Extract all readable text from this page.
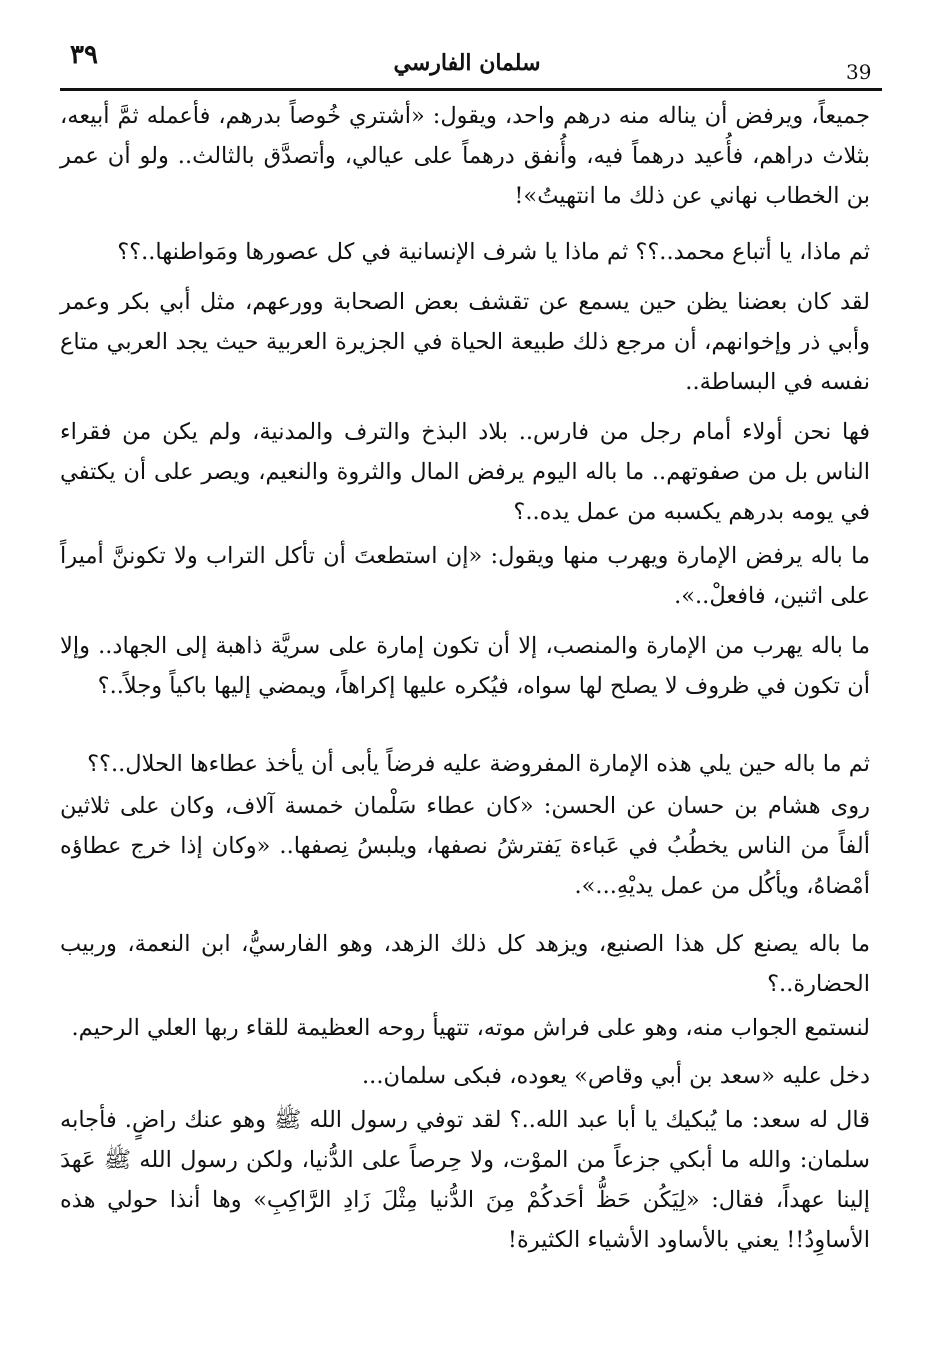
٣٩	سلمان الفارسي	39

جميعاً، ويرفض أن يناله منه درهم واحد، ويقول: «أشتري خُوصاً بدرهم، فأعمله ثمَّ أبيعه، بثلاث دراهم، فأُعيد درهماً فيه، وأُنفق درهماً على عيالي، وأتصدَّق بالثالث.. ولو أن عمر بن الخطاب نهاني عن ذلك ما انتهيتُ»!

ثم ماذا، يا أتباع محمد..؟؟ ثم ماذا يا شرف الإنسانية في كل عصورها ومَواطنها..؟؟

لقد كان بعضنا يظن حين يسمع عن تقشف بعض الصحابة وورعهم، مثل أبي بكر وعمر وأبي ذر وإخوانهم، أن مرجع ذلك طبيعة الحياة في الجزيرة العربية حيث يجد العربي متاع نفسه في البساطة..

فها نحن أولاء أمام رجل من فارس.. بلاد البذخ والترف والمدنية، ولم يكن من فقراء الناس بل من صفوتهم.. ما باله اليوم يرفض المال والثروة والنعيم، ويصر على أن يكتفي في يومه بدرهم يكسبه من عمل يده..؟

ما باله يرفض الإمارة ويهرب منها ويقول: «إن استطعتَ أن تأكل التراب ولا تكوننَّ أميراً على اثنين، فافعلْ..».

ما باله يهرب من الإمارة والمنصب، إلا أن تكون إمارة على سريَّة ذاهبة إلى الجهاد.. وإلا أن تكون في ظروف لا يصلح لها سواه، فيُكره عليها إكراهاً، ويمضي إليها باكياً وجلاً..؟

ثم ما باله حين يلي هذه الإمارة المفروضة عليه فرضاً يأبى أن يأخذ عطاءها الحلال..؟؟

روى هشام بن حسان عن الحسن: «كان عطاء سَلْمان خمسة آلاف، وكان على ثلاثين ألفاً من الناس يخطُبُ في عَباءة يَفترشُ نصفها، ويلبسُ نِصفها.. «وكان إذا خرج عطاؤه أمْضاهُ، ويأكُل من عمل يديْهِ...».

ما باله يصنع كل هذا الصنيع، ويزهد كل ذلك الزهد، وهو الفارسيُّ، ابن النعمة، وربيب الحضارة..؟

لنستمع الجواب منه، وهو على فراش موته، تتهيأ روحه العظيمة للقاء ربها العلي الرحيم.

دخل عليه «سعد بن أبي وقاص» يعوده، فبكى سلمان...

قال له سعد: ما يُبكيك يا أبا عبد الله..؟ لقد توفي رسول الله ﷺ وهو عنك راضٍ. فأجابه سلمان: والله ما أبكي جزعاً من الموْت، ولا حِرصاً على الدُّنيا، ولكن رسول الله ﷺ عَهدَ إلينا عهداً، فقال: «لِيَكُن حَظُّ أحَدكُمْ مِنَ الدُّنيا مِثْلَ زَادِ الرَّاكِبِ» وها أنذا حولي هذه الأساوِدُ!! يعني بالأساود الأشياء الكثيرة!
